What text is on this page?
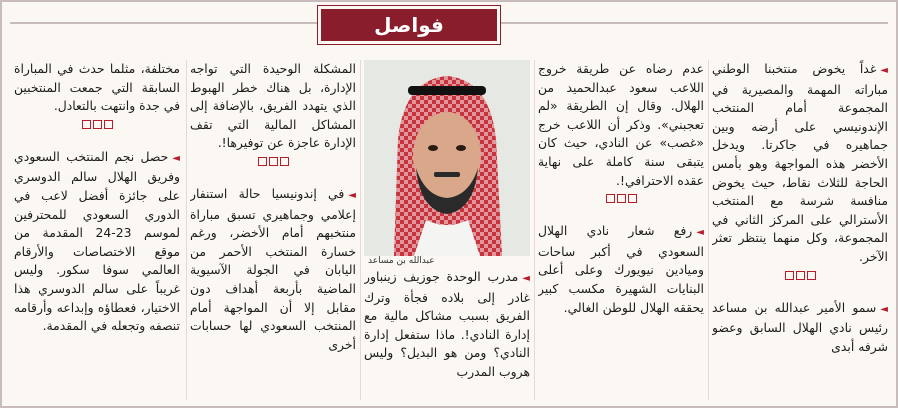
فواصل

◄غداً يخوض منتخبنا الوطني مباراته المهمة والمصيرية في المجموعة أمام المنتخب الإندونيسي على أرضه وبين جماهيره في جاكرتا. ويدخل الأخضر هذه المواجهة وهو بأمس الحاجة للثلاث نقاط، حيث يخوض منافسة شرسة مع المنتخب الأسترالي على المركز الثاني في المجموعة، وكل منهما ينتظر تعثر الآخر.

◄سمو الأمير عبدالله بن مساعد رئيس نادي الهلال السابق وعضو شرفه أبدى

عدم رضاه عن طريقة خروج اللاعب سعود عبدالحميد من الهلال. وقال إن الطريقة «لم تعجبني». وذكر أن اللاعب خرج «غصب» عن النادي، حيث كان يتبقى سنة كاملة على نهاية عقده الاحترافي!.

◄رفع شعار نادي الهلال السعودي في أكبر ساحات وميادين نيويورك وعلى أعلى البنايات الشهيرة مكسب كبير يحققه الهلال للوطن الغالي.

عبدالله بن مساعد

◄مدرب الوحدة جوزيف زينباور غادر إلى بلاده فجأة وترك الفريق بسبب مشاكل مالية مع إدارة النادي!. ماذا ستفعل إدارة النادي؟ ومن هو البديل؟ وليس هروب المدرب

المشكلة الوحيدة التي تواجه الإدارة، بل هناك خطر الهبوط الذي يتهدد الفريق، بالإضافة إلى المشاكل المالية التي تقف الإدارة عاجزة عن توفيرها!.

◄في إندونيسيا حالة استنفار إعلامي وجماهيري تسبق مباراة منتخبهم أمام الأخضر، ورغم خسارة المنتخب الأحمر من اليابان في الجولة الآسيوية الماضية بأربعة أهداف دون مقابل إلا أن المواجهة أمام المنتخب السعودي لها حسابات أخرى

مختلفة، مثلما حدث في المباراة السابقة التي جمعت المنتخبين في جدة وانتهت بالتعادل.

◄حصل نجم المنتخب السعودي وفريق الهلال سالم الدوسري على جائزة أفضل لاعب في الدوري السعودي للمحترفين لموسم 23-24 المقدمة من موقع الاختصاصات والأرقام العالمي سوفا سكور. وليس غريباً على سالم الدوسري هذا الاختيار، فعطاؤه وإبداعه وأرقامه تنصفه وتجعله في المقدمة.
